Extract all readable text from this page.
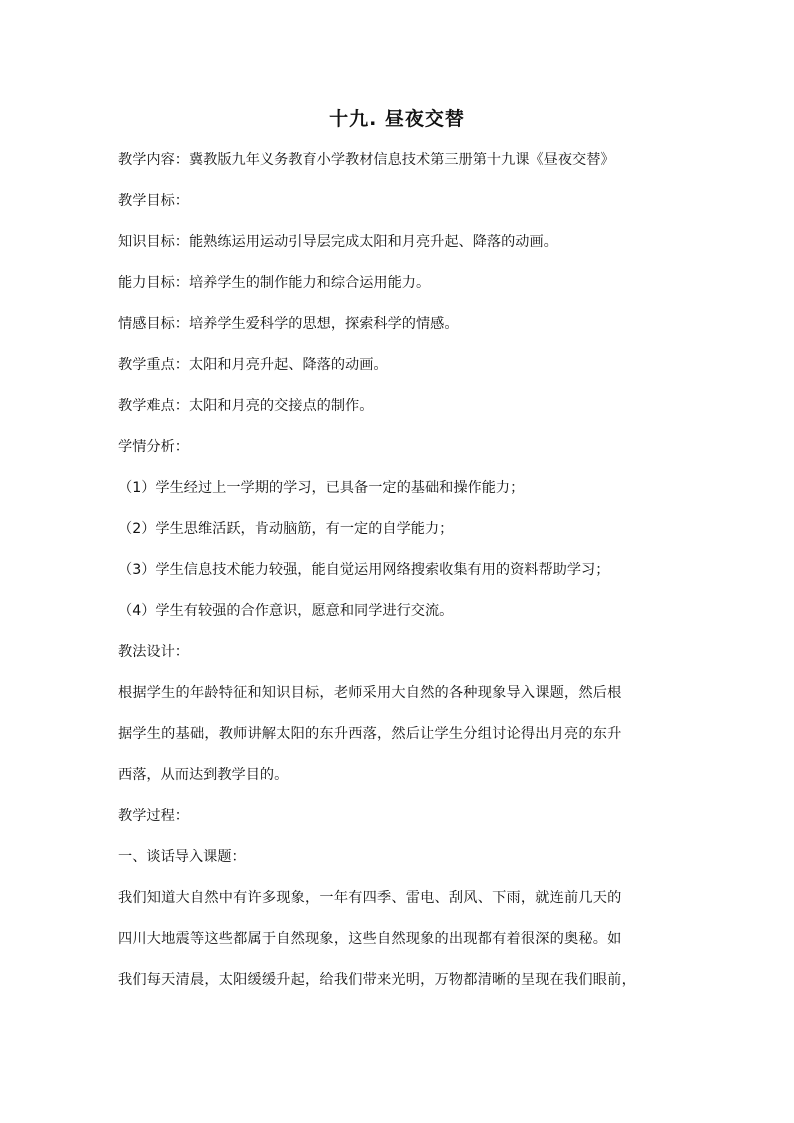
十九. 昼夜交替
教学内容：冀教版九年义务教育小学教材信息技术第三册第十九课《昼夜交替》
教学目标：
知识目标：能熟练运用运动引导层完成太阳和月亮升起、降落的动画。
能力目标：培养学生的制作能力和综合运用能力。
情感目标：培养学生爱科学的思想，探索科学的情感。
教学重点：太阳和月亮升起、降落的动画。
教学难点：太阳和月亮的交接点的制作。
学情分析：
（1）学生经过上一学期的学习，已具备一定的基础和操作能力；
（2）学生思维活跃，肯动脑筋，有一定的自学能力；
（3）学生信息技术能力较强，能自觉运用网络搜索收集有用的资料帮助学习；
（4）学生有较强的合作意识，愿意和同学进行交流。
教法设计：
根据学生的年龄特征和知识目标，老师采用大自然的各种现象导入课题，然后根
据学生的基础，教师讲解太阳的东升西落，然后让学生分组讨论得出月亮的东升
西落，从而达到教学目的。
教学过程：
一、谈话导入课题：
我们知道大自然中有许多现象，一年有四季、雷电、刮风、下雨，就连前几天的
四川大地震等这些都属于自然现象，这些自然现象的出现都有着很深的奥秘。如
我们每天清晨，太阳缓缓升起，给我们带来光明，万物都清晰的呈现在我们眼前，
